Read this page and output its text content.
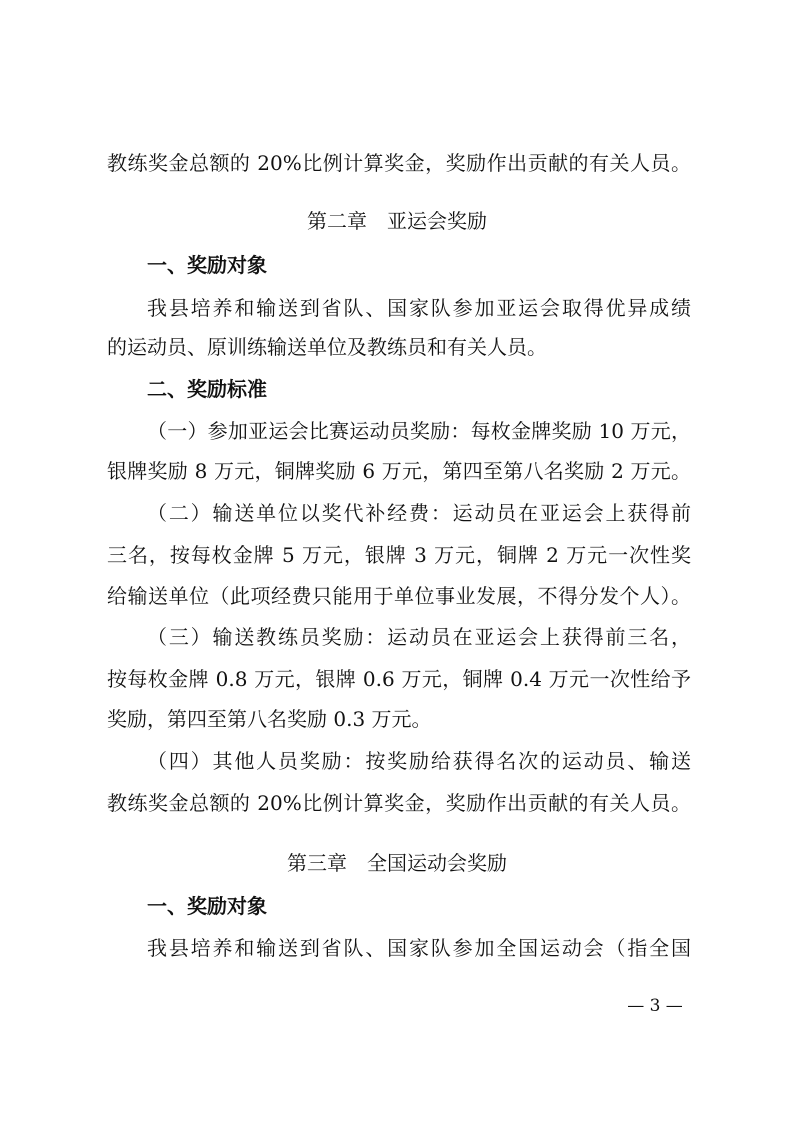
教练奖金总额的 20%比例计算奖金，奖励作出贡献的有关人员。
第二章　亚运会奖励
一、奖励对象
我县培养和输送到省队、国家队参加亚运会取得优异成绩
的运动员、原训练输送单位及教练员和有关人员。
二、奖励标准
（一）参加亚运会比赛运动员奖励：每枚金牌奖励 10 万元，
银牌奖励 8 万元，铜牌奖励 6 万元，第四至第八名奖励 2 万元。
（二）输送单位以奖代补经费：运动员在亚运会上获得前
三名，按每枚金牌 5 万元，银牌 3 万元，铜牌 2 万元一次性奖
给输送单位（此项经费只能用于单位事业发展，不得分发个人）。
（三）输送教练员奖励：运动员在亚运会上获得前三名，
按每枚金牌 0.8 万元，银牌 0.6 万元，铜牌 0.4 万元一次性给予
奖励，第四至第八名奖励 0.3 万元。
（四）其他人员奖励：按奖励给获得名次的运动员、输送
教练奖金总额的 20%比例计算奖金，奖励作出贡献的有关人员。
第三章　全国运动会奖励
一、奖励对象
我县培养和输送到省队、国家队参加全国运动会（指全国
— 3 —
